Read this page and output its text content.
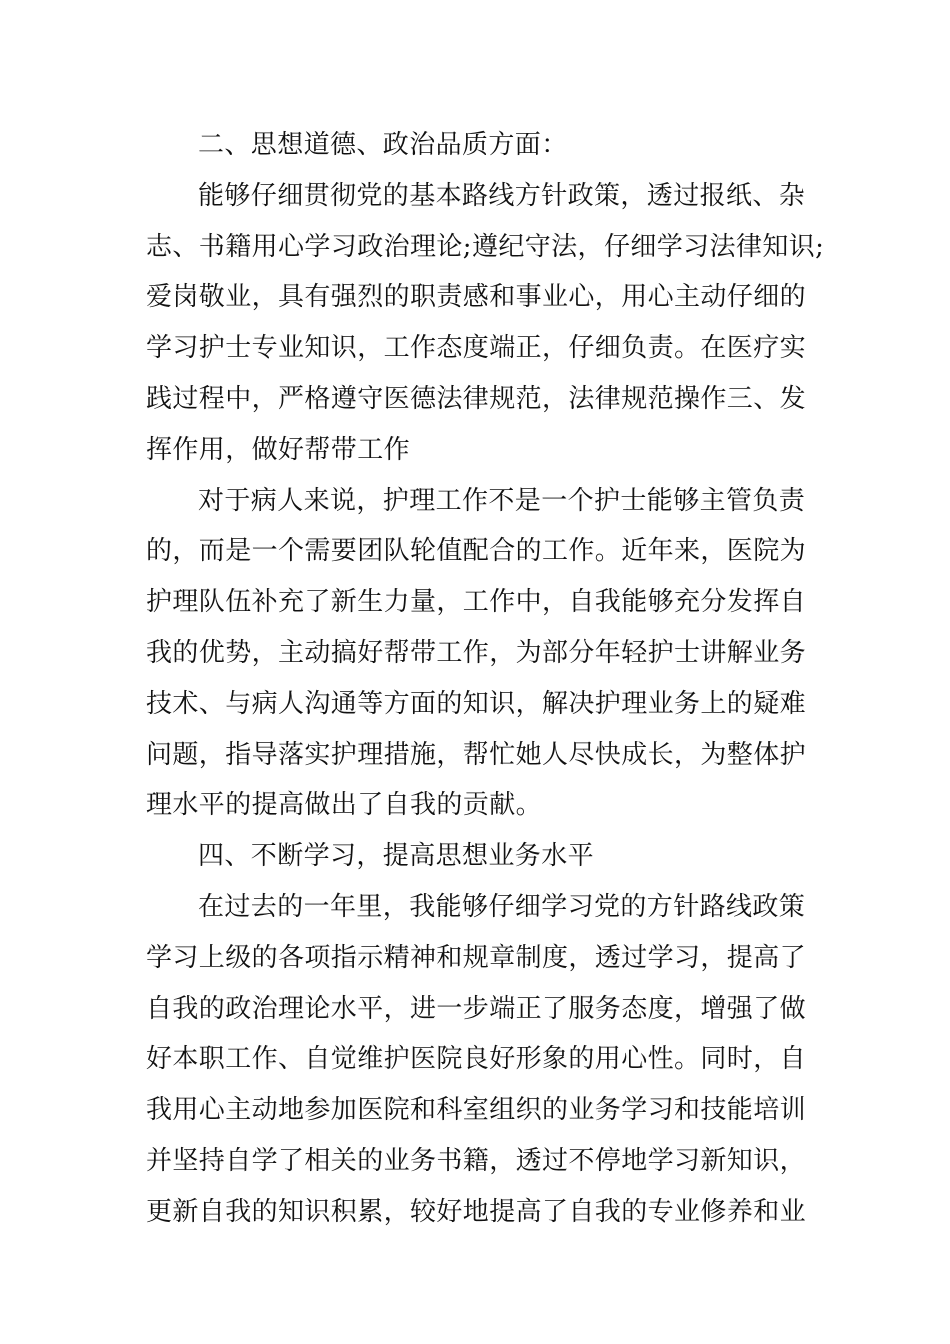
二、思想道德、政治品质方面：
能够仔细贯彻党的基本路线方针政策，透过报纸、杂
志、书籍用心学习政治理论;遵纪守法，仔细学习法律知识;
爱岗敬业，具有强烈的职责感和事业心，用心主动仔细的
学习护士专业知识，工作态度端正，仔细负责。在医疗实
践过程中，严格遵守医德法律规范，法律规范操作三、发
挥作用，做好帮带工作
对于病人来说，护理工作不是一个护士能够主管负责
的，而是一个需要团队轮值配合的工作。近年来，医院为
护理队伍补充了新生力量，工作中，自我能够充分发挥自
我的优势，主动搞好帮带工作，为部分年轻护士讲解业务
技术、与病人沟通等方面的知识，解决护理业务上的疑难
问题，指导落实护理措施，帮忙她人尽快成长，为整体护
理水平的提高做出了自我的贡献。
四、不断学习，提高思想业务水平
在过去的一年里，我能够仔细学习党的方针路线政策
学习上级的各项指示精神和规章制度，透过学习，提高了
自我的政治理论水平，进一步端正了服务态度，增强了做
好本职工作、自觉维护医院良好形象的用心性。同时，自
我用心主动地参加医院和科室组织的业务学习和技能培训
并坚持自学了相关的业务书籍，透过不停地学习新知识，
更新自我的知识积累，较好地提高了自我的专业修养和业
